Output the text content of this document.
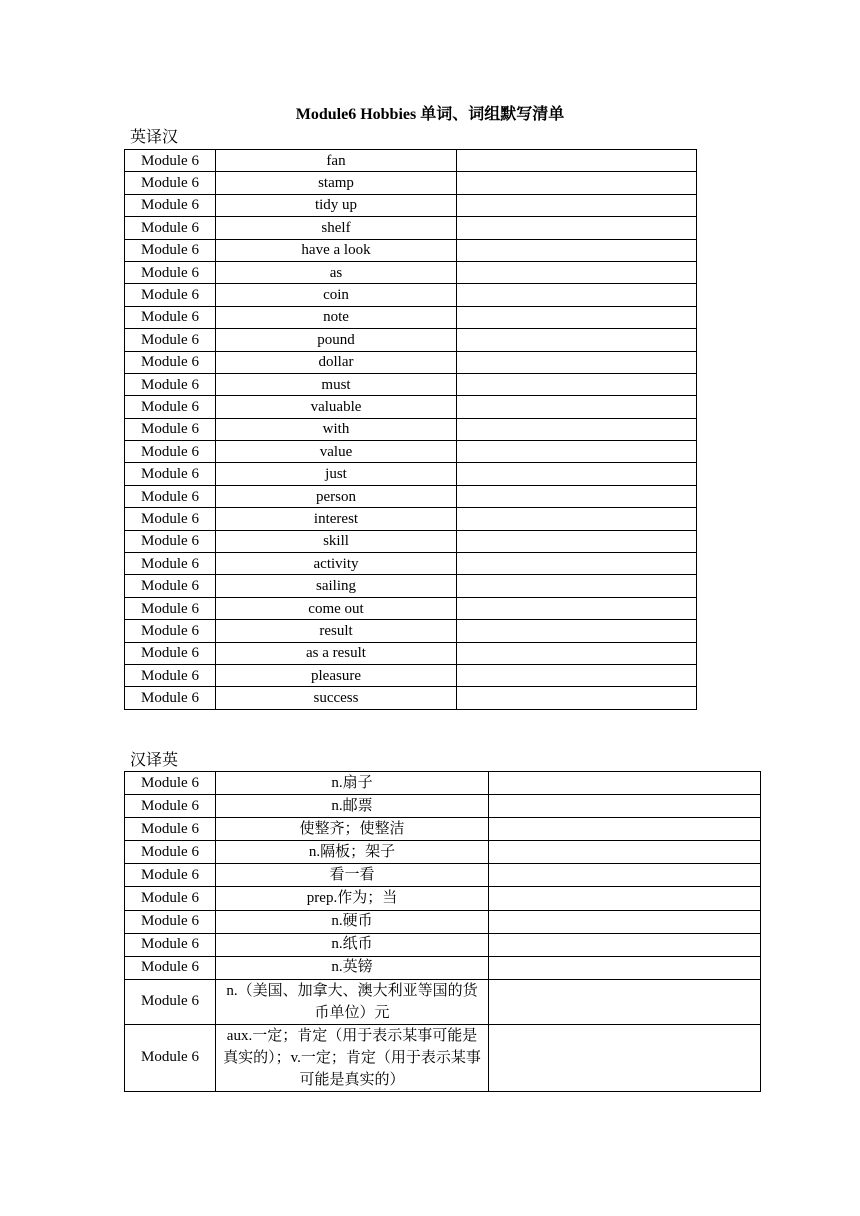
Module6 Hobbies 单词、词组默写清单
英译汉
Module 6	fan	
Module 6	stamp	
Module 6	tidy up	
Module 6	shelf	
Module 6	have a look	
Module 6	as	
Module 6	coin	
Module 6	note	
Module 6	pound	
Module 6	dollar	
Module 6	must	
Module 6	valuable	
Module 6	with	
Module 6	value	
Module 6	just	
Module 6	person	
Module 6	interest	
Module 6	skill	
Module 6	activity	
Module 6	sailing	
Module 6	come out	
Module 6	result	
Module 6	as a result	
Module 6	pleasure	
Module 6	success	
汉译英
Module 6	n.扇子	
Module 6	n.邮票	
Module 6	使整齐；使整洁	
Module 6	n.隔板；架子	
Module 6	看一看	
Module 6	prep.作为；当	
Module 6	n.硬币	
Module 6	n.纸币	
Module 6	n.英镑	
Module 6	n.（美国、加拿大、澳大利亚等国的货币单位）元	
Module 6	aux.一定；肯定（用于表示某事可能是真实的）；v.一定；肯定（用于表示某事可能是真实的）	
